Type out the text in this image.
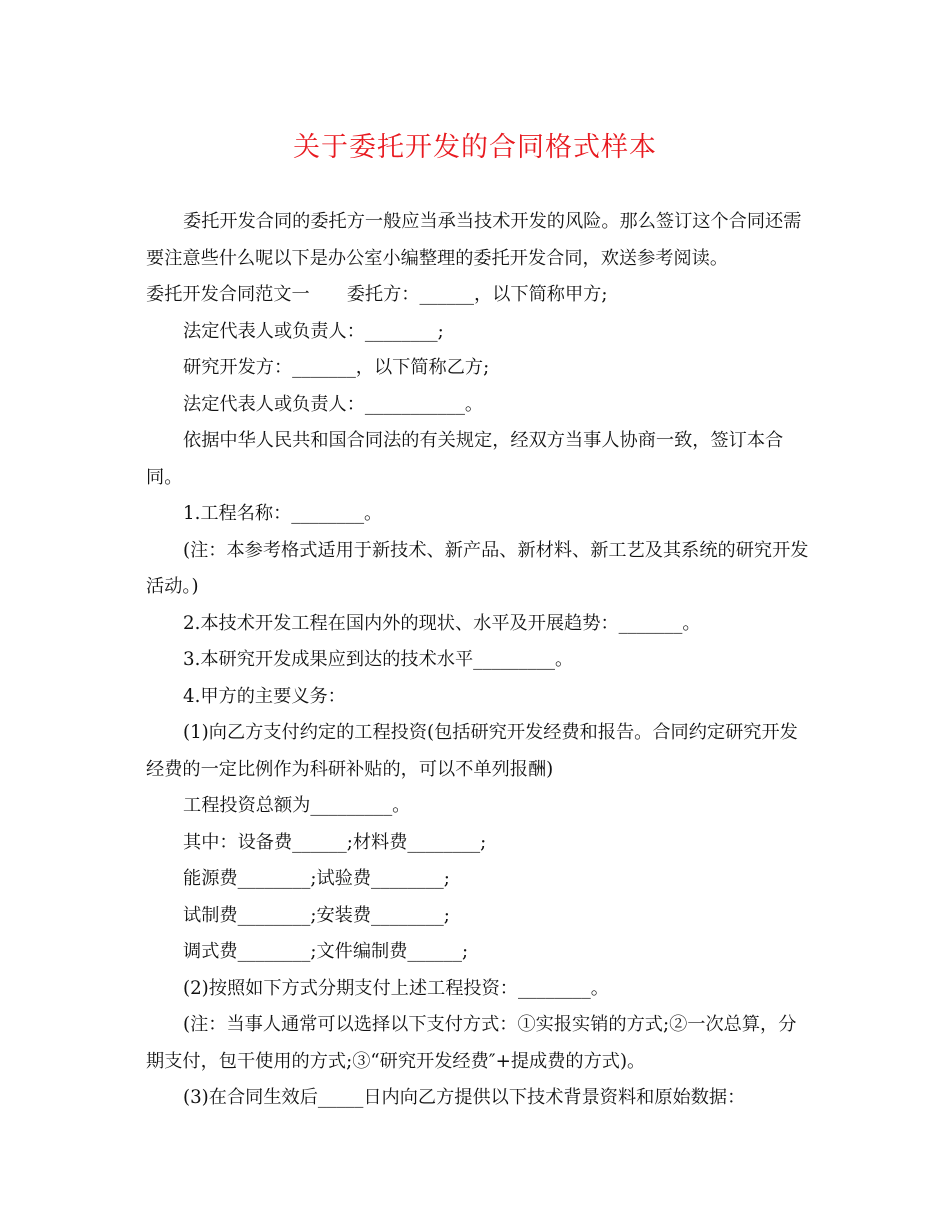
关于委托开发的合同格式样本

委托开发合同的委托方一般应当承当技术开发的风险。那么签订这个合同还需要注意些什么呢以下是办公室小编整理的委托开发合同，欢送参考阅读。

委托开发合同范文一 委托方：______，以下简称甲方;

法定代表人或负责人：________;

研究开发方：_______，以下简称乙方;

法定代表人或负责人：___________。

依据中华人民共和国合同法的有关规定，经双方当事人协商一致，签订本合同。

1.工程名称：________。

(注：本参考格式适用于新技术、新产品、新材料、新工艺及其系统的研究开发活动。)

2.本技术开发工程在国内外的现状、水平及开展趋势：_______。

3.本研究开发成果应到达的技术水平_________。

4.甲方的主要义务：

(1)向乙方支付约定的工程投资(包括研究开发经费和报告。合同约定研究开发经费的一定比例作为科研补贴的，可以不单列报酬)

工程投资总额为_________。

其中：设备费______;材料费________;

能源费________;试验费________;

试制费________;安装费________;

调式费________;文件编制费______;

(2)按照如下方式分期支付上述工程投资：________。

(注：当事人通常可以选择以下支付方式：①实报实销的方式;②一次总算，分期支付，包干使用的方式;③“研究开发经费″+提成费的方式)。

(3)在合同生效后_____日内向乙方提供以下技术背景资料和原始数据：
